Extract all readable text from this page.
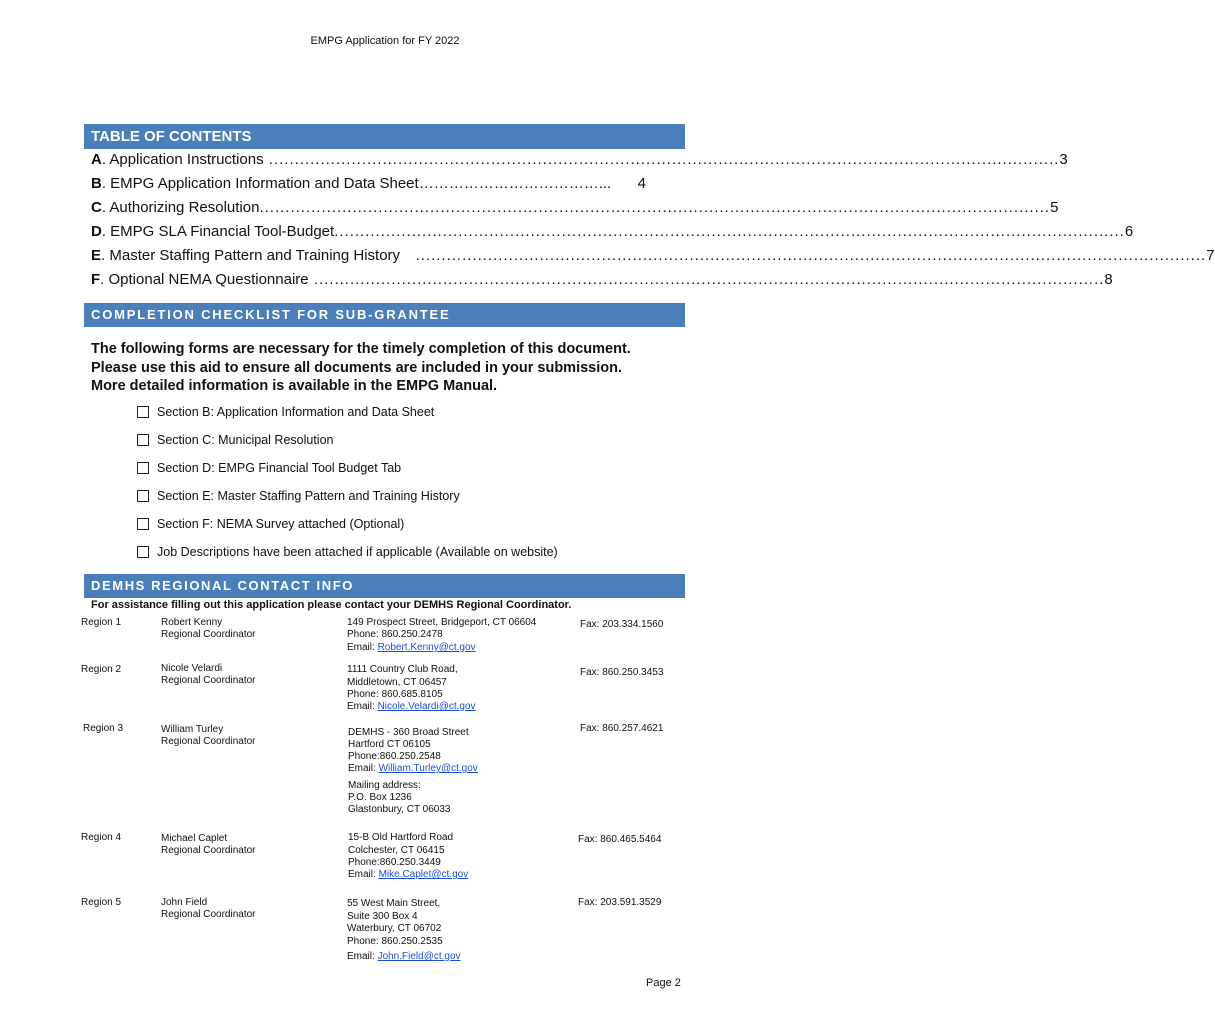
EMPG Application for FY 2022
TABLE OF CONTENTS
A. Application Instructions ......................................................................................................................................................... 3
B. EMPG Application Information and Data Sheet………………………………... 4
C. Authorizing Resolution ......................................................................................................................................................... 5
D. EMPG SLA Financial Tool-Budget ......................................................................................................................................................... 6
E. Master Staffing Pattern and Training History ......................................................................................................................................................... 7
F. Optional NEMA Questionnaire ......................................................................................................................................................... 8
COMPLETION CHECKLIST FOR SUB-GRANTEE
The following forms are necessary for the timely completion of this document.
Please use this aid to ensure all documents are included in your submission.
More detailed information is available in the EMPG Manual.
Section B: Application Information and Data Sheet
Section C: Municipal Resolution
Section D: EMPG Financial Tool Budget Tab
Section E: Master Staffing Pattern and Training History
Section F: NEMA Survey attached (Optional)
Job Descriptions have been attached if applicable (Available on website)
DEMHS REGIONAL CONTACT INFO
For assistance filling out this application please contact your DEMHS Regional Coordinator.
Region 1	Robert Kenny
Regional Coordinator
149 Prospect Street, Bridgeport, CT 06604
Phone: 860.250.2478
Email: Robert.Kenny@ct.gov
Fax: 203.334.1560
Region 2	Nicole Velardi
Regional Coordinator
1111 Country Club Road,
Middletown, CT 06457
Phone: 860.685.8105
Email: Nicole.Velardi@ct.gov
Fax: 860.250.3453
Region 3	William Turley
Regional Coordinator
DEMHS - 360 Broad Street
Hartford CT 06105
Phone:860.250.2548
Email: William.Turley@ct.gov
Mailing address:
P.O. Box 1236
Glastonbury, CT 06033
Fax: 860.257.4621
Region 4	Michael Caplet
Regional Coordinator
15-B Old Hartford Road
Colchester, CT 06415
Phone:860.250.3449
Email: Mike.Caplet@ct.gov
Fax: 860.465.5464
Region 5	John Field
Regional Coordinator
55 West Main Street,
Suite 300 Box 4
Waterbury, CT 06702
Phone: 860.250.2535
Email: John.Field@ct.gov
Fax: 203.591.3529
Page 2
